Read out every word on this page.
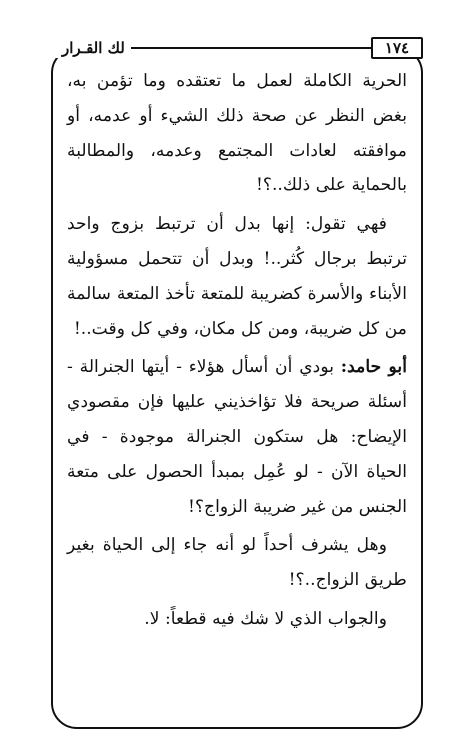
١٧٤
لك القـرار

الحرية الكاملة لعمل ما تعتقده وما تؤمن به، بغض النظر عن صحة ذلك الشيء أو عدمه، أو موافقته لعادات المجتمع وعدمه، والمطالبة بالحماية على ذلك..؟!

فهي تقول: إنها بدل أن ترتبط بزوج واحد ترتبط برجال كُثر..! وبدل أن تتحمل مسؤولية الأبناء والأسرة كضريبة للمتعة تأخذ المتعة سالمة من كل ضريبة، ومن كل مكان، وفي كل وقت..!

أبو حامد: بودي أن أسأل هؤلاء - أيتها الجنرالة - أسئلة صريحة فلا تؤاخذيني عليها فإن مقصودي الإيضاح: هل ستكون الجنرالة موجودة - في الحياة الآن - لو عُمِل بمبدأ الحصول على متعة الجنس من غير ضريبة الزواج؟!

وهل يشرف أحداً لو أنه جاء إلى الحياة بغير طريق الزواج..؟!

والجواب الذي لا شك فيه قطعاً: لا.
